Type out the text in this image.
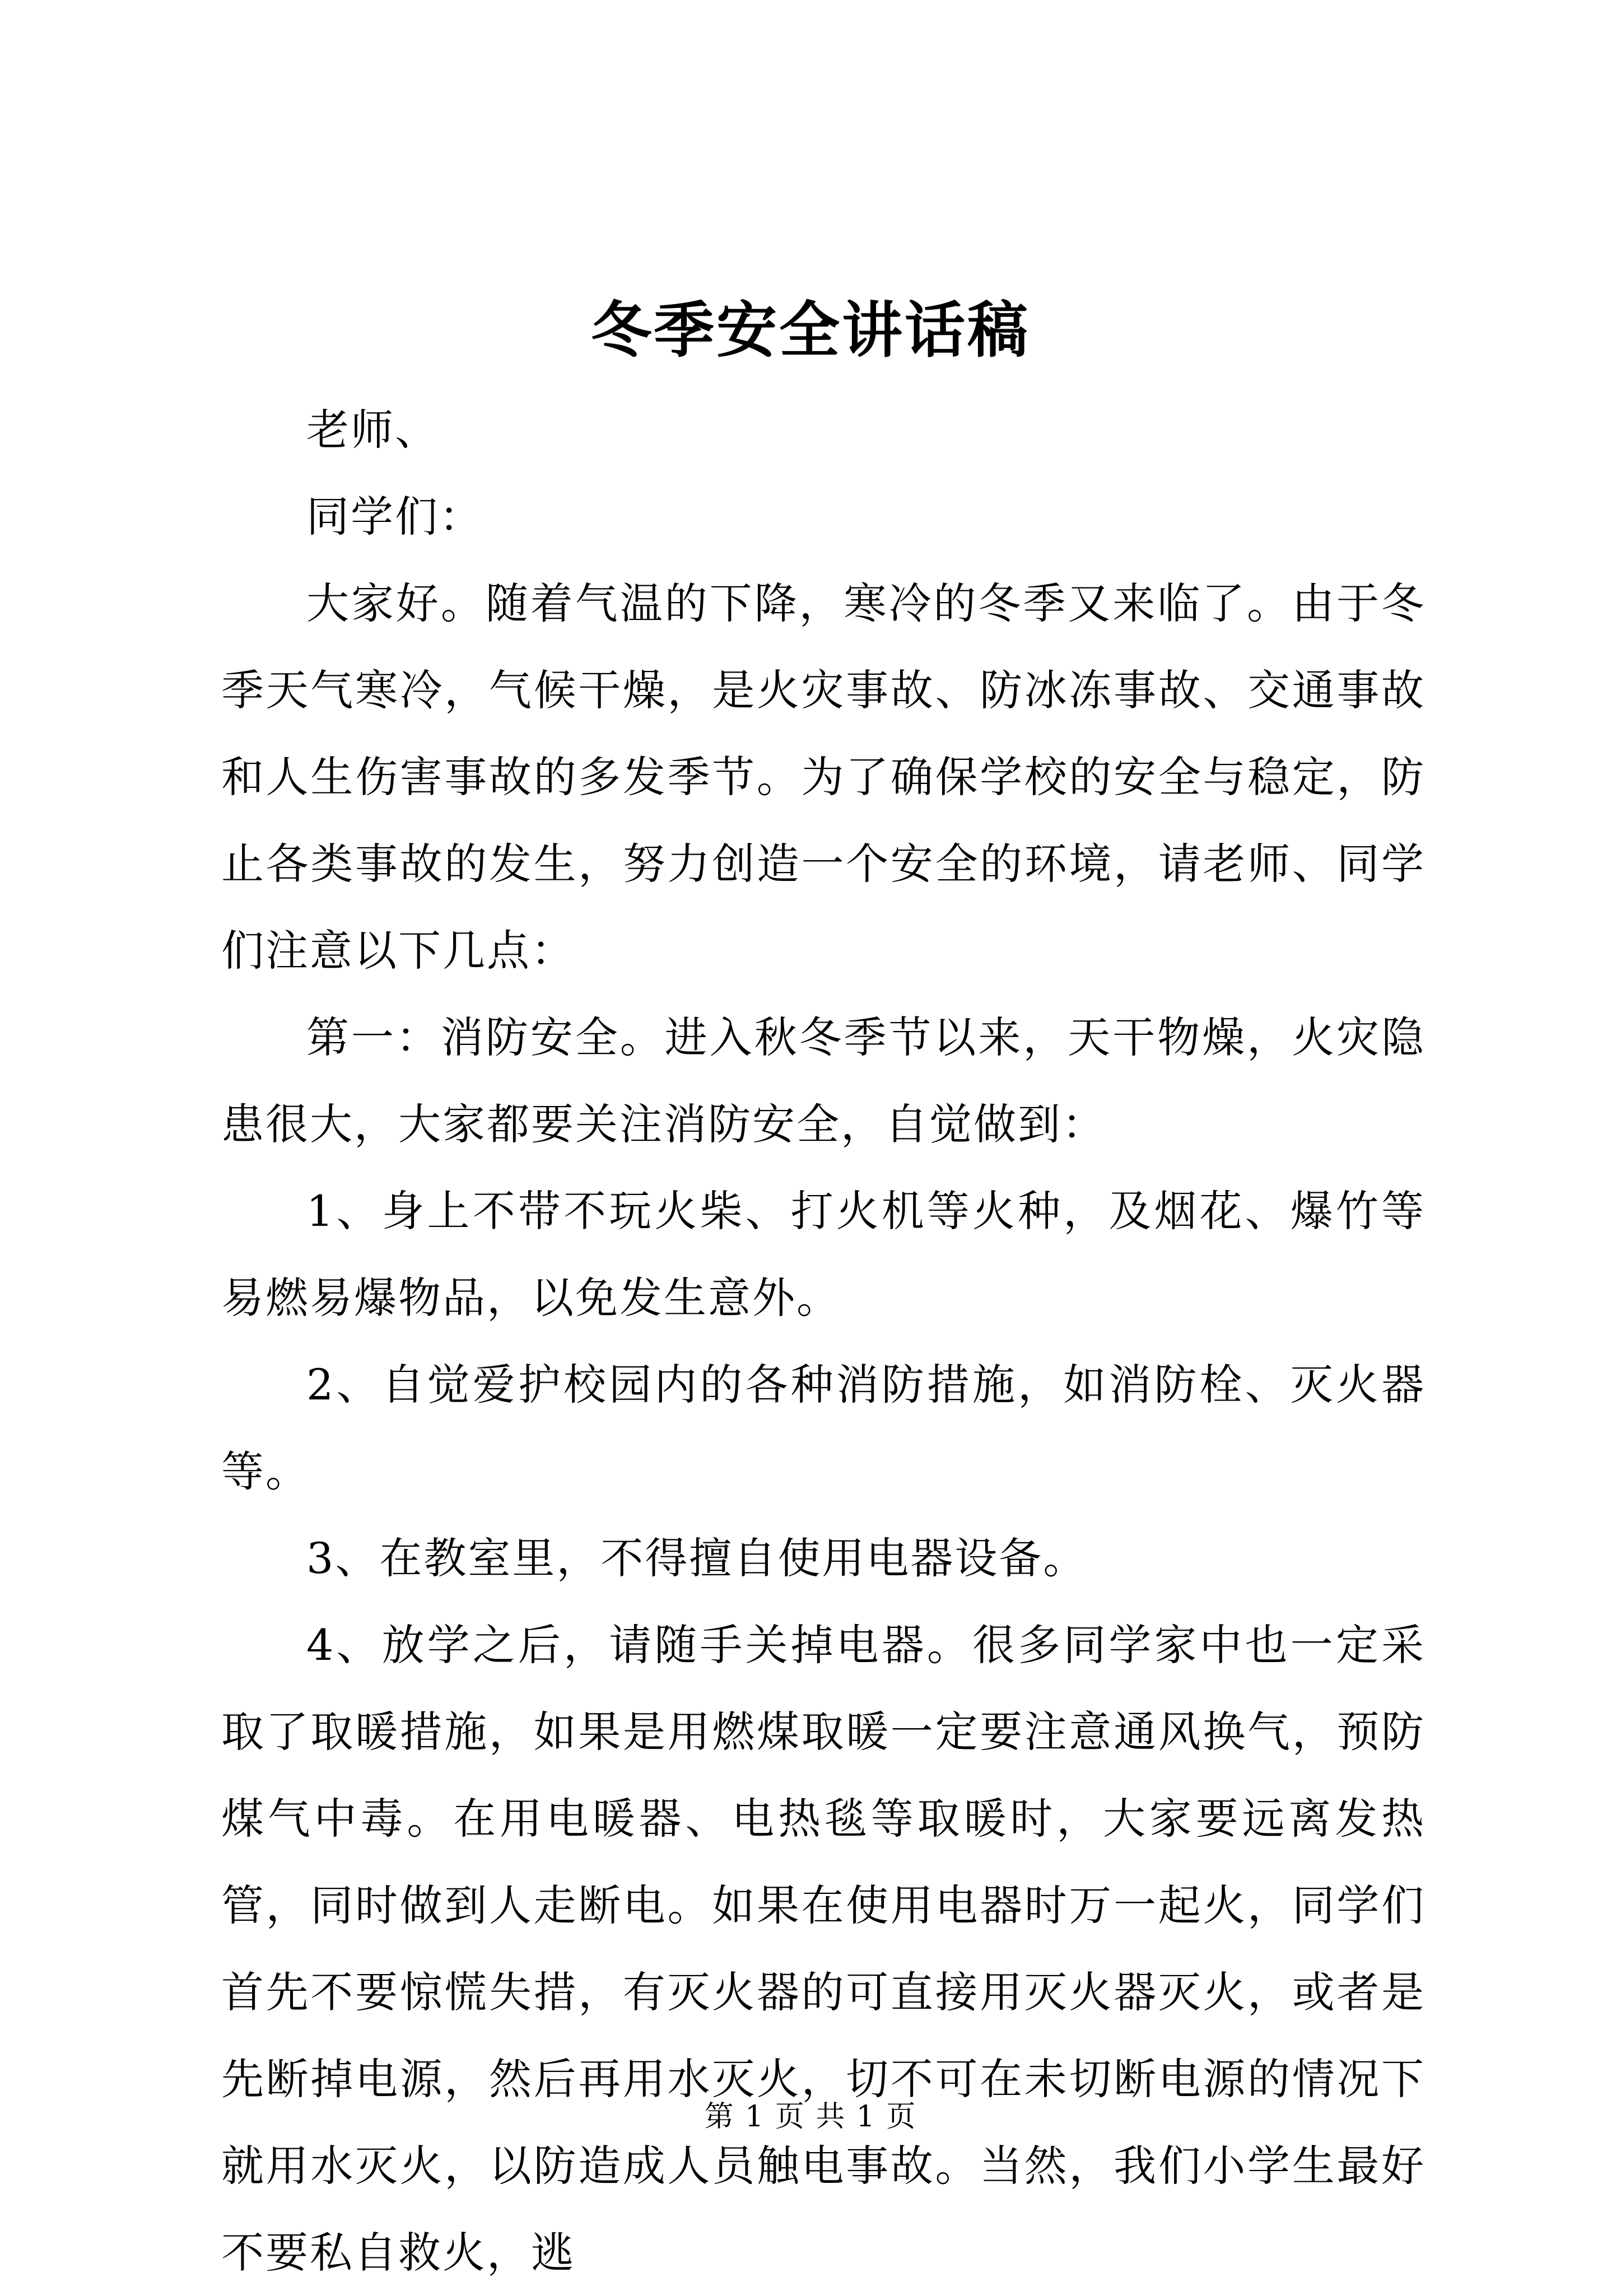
冬季安全讲话稿

老师、

同学们：

大家好。随着气温的下降，寒冷的冬季又来临了。由于冬季天气寒冷，气候干燥，是火灾事故、防冰冻事故、交通事故和人生伤害事故的多发季节。为了确保学校的安全与稳定，防止各类事故的发生，努力创造一个安全的环境，请老师、同学们注意以下几点：

第一：消防安全。进入秋冬季节以来，天干物燥，火灾隐患很大，大家都要关注消防安全，自觉做到：

1、身上不带不玩火柴、打火机等火种，及烟花、爆竹等易燃易爆物品，以免发生意外。

2、自觉爱护校园内的各种消防措施，如消防栓、灭火器等。

3、在教室里，不得擅自使用电器设备。

4、放学之后，请随手关掉电器。很多同学家中也一定采取了取暖措施，如果是用燃煤取暖一定要注意通风换气，预防煤气中毒。在用电暖器、电热毯等取暖时，大家要远离发热管，同时做到人走断电。如果在使用电器时万一起火，同学们首先不要惊慌失措，有灭火器的可直接用灭火器灭火，或者是先断掉电源，然后再用水灭火，切不可在未切断电源的情况下就用水灭火，以防造成人员触电事故。当然，我们小学生最好不要私自救火，逃

第 1 页 共 1 页
